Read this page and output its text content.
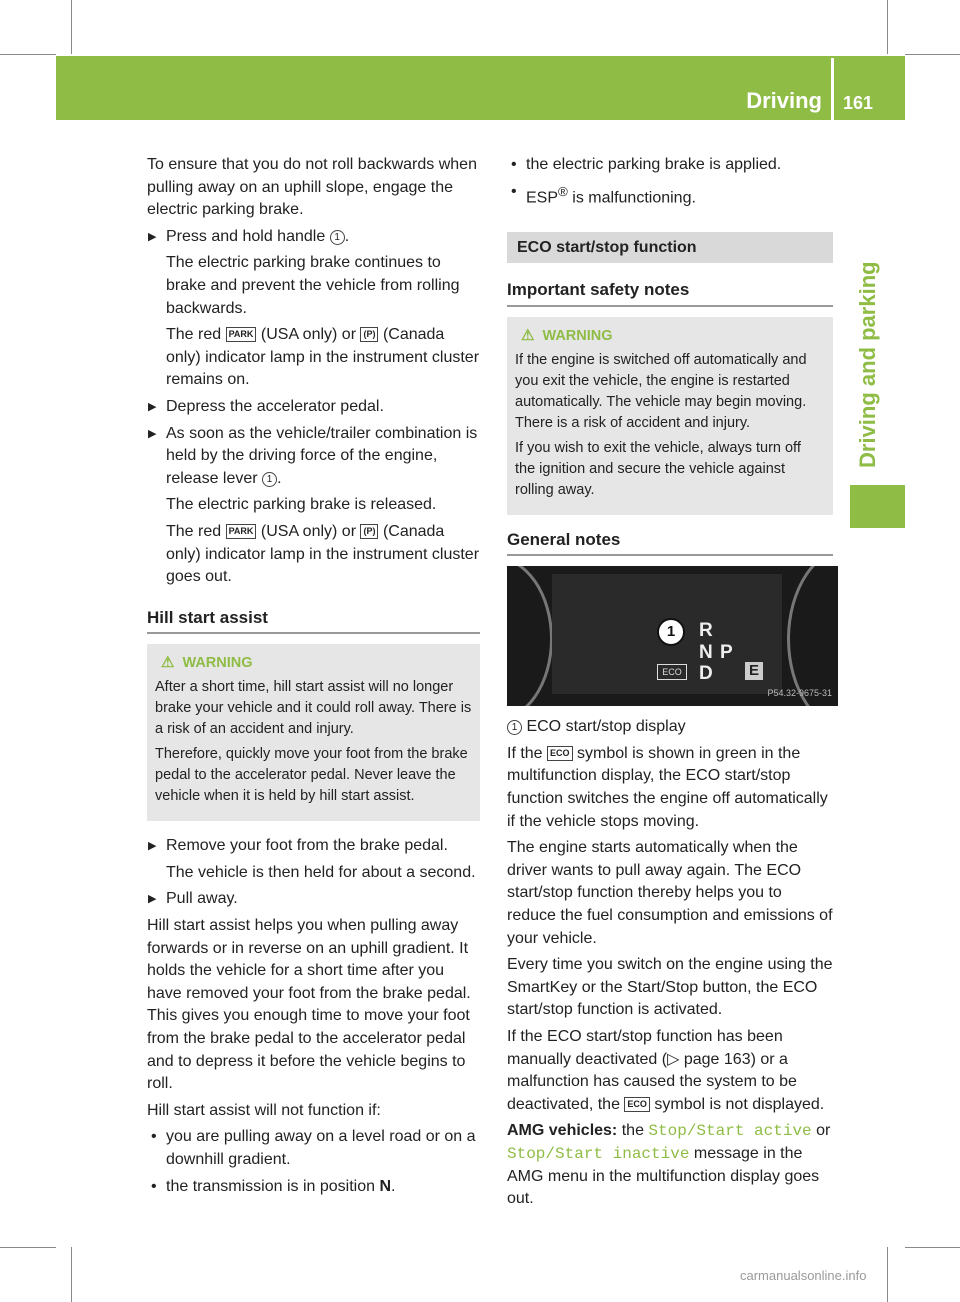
Driving 161
Driving and parking

To ensure that you do not roll backwards when pulling away on an uphill slope, engage the electric parking brake.

▶ Press and hold handle 1 .
The electric parking brake continues to brake and prevent the vehicle from rolling backwards.
The red PARK (USA only) or (P) (Canada only) indicator lamp in the instrument cluster remains on.
▶ Depress the accelerator pedal.
▶ As soon as the vehicle/trailer combination is held by the driving force of the engine, release lever 1 .
The electric parking brake is released.
The red PARK (USA only) or (P) (Canada only) indicator lamp in the instrument cluster goes out.
Hill start assist
⚠ WARNING

After a short time, hill start assist will no longer brake your vehicle and it could roll away. There is a risk of an accident and injury.

Therefore, quickly move your foot from the brake pedal to the accelerator pedal. Never leave the vehicle when it is held by hill start assist.

▶ Remove your foot from the brake pedal.
The vehicle is then held for about a second.
▶ Pull away.

Hill start assist helps you when pulling away forwards or in reverse on an uphill gradient. It holds the vehicle for a short time after you have removed your foot from the brake pedal. This gives you enough time to move your foot from the brake pedal to the accelerator pedal and to depress it before the vehicle begins to roll.

Hill start assist will not function if:

• you are pulling away on a level road or on a downhill gradient.
• the transmission is in position N.
• the electric parking brake is applied.
• ESP® is malfunctioning.
ECO start/stop function
Important safety notes
⚠ WARNING

If the engine is switched off automatically and you exit the vehicle, the engine is restarted automatically. The vehicle may begin moving. There is a risk of accident and injury.

If you wish to exit the vehicle, always turn off the ignition and secure the vehicle against rolling away.

General notes
R
N P
D E
ECO
1
P54.32-9675-31

1 ECO start/stop display

If the ECO symbol is shown in green in the multifunction display, the ECO start/stop function switches the engine off automatically if the vehicle stops moving.

The engine starts automatically when the driver wants to pull away again. The ECO start/stop function thereby helps you to reduce the fuel consumption and emissions of your vehicle.

Every time you switch on the engine using the SmartKey or the Start/Stop button, the ECO start/stop function is activated.

If the ECO start/stop function has been manually deactivated (▷ page 163) or a malfunction has caused the system to be deactivated, the ECO symbol is not displayed.

AMG vehicles: the Stop/Start active or Stop/Start inactive message in the AMG menu in the multifunction display goes out.

carmanualsonline.info
